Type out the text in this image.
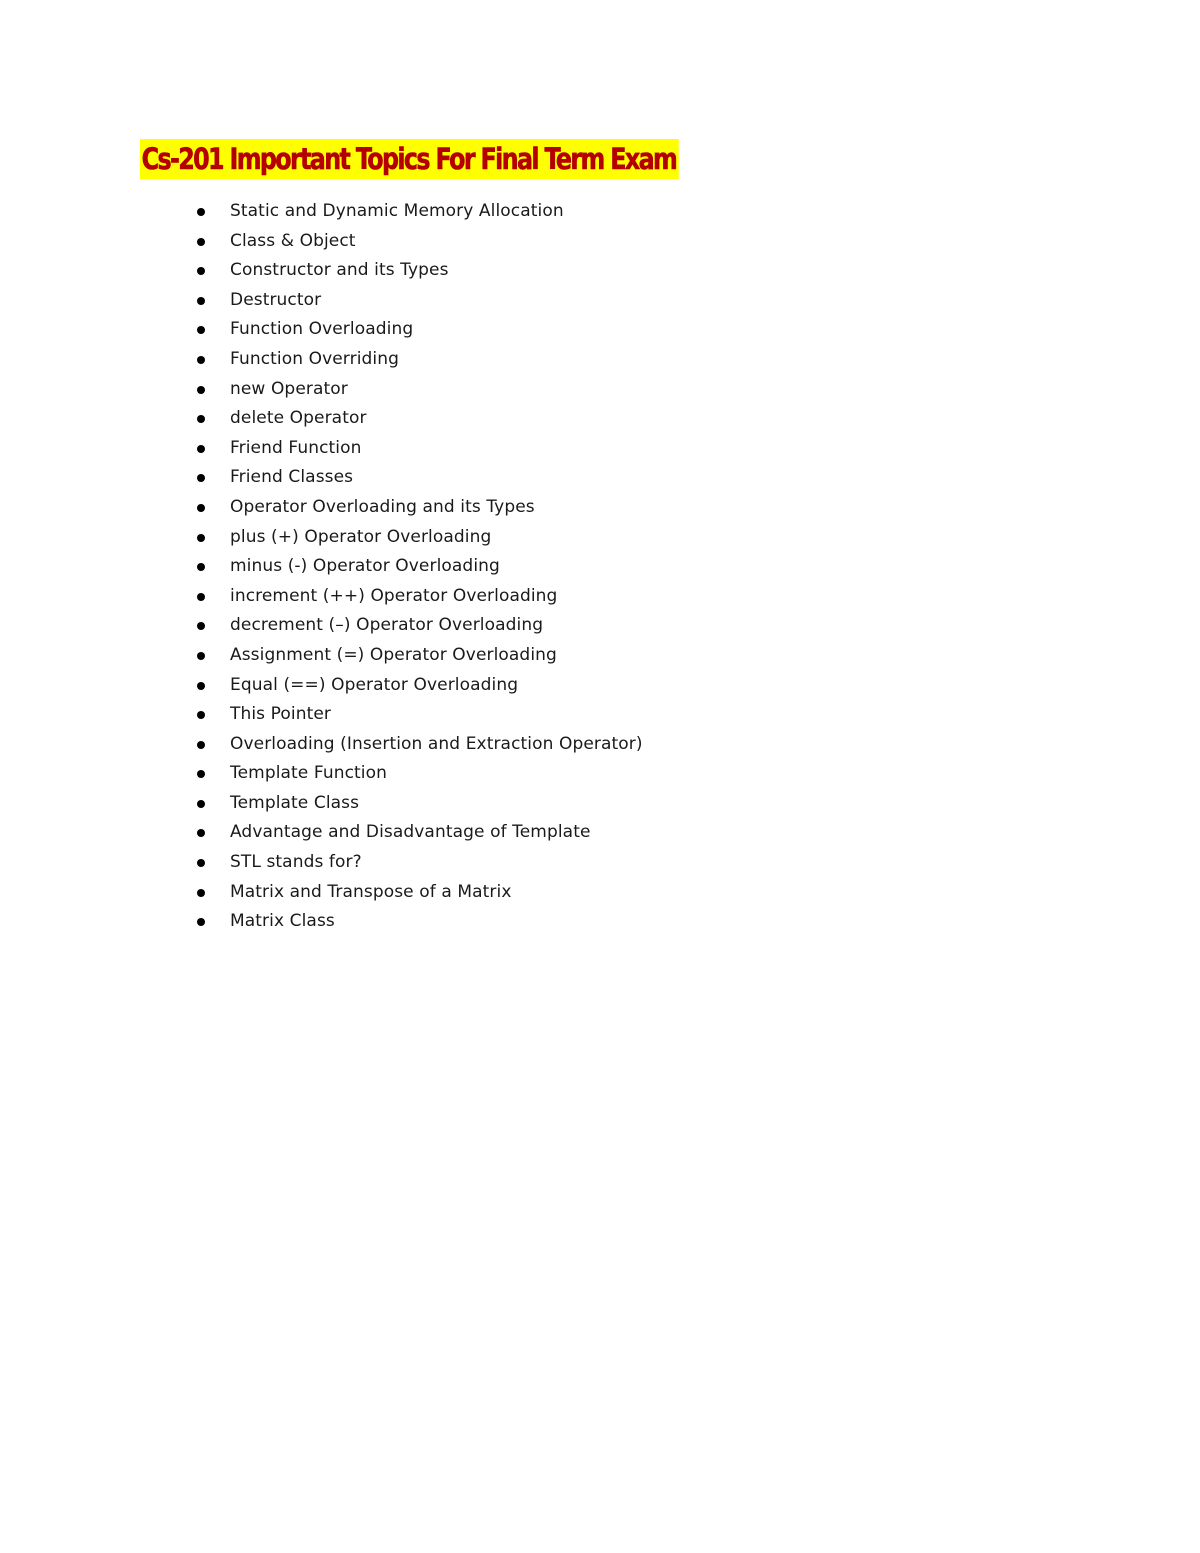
Cs-201 Important Topics For Final Term Exam
Static and Dynamic Memory Allocation
Class & Object
Constructor and its Types
Destructor
Function Overloading
Function Overriding
new Operator
delete Operator
Friend Function
Friend Classes
Operator Overloading and its Types
plus (+) Operator Overloading
minus (-) Operator Overloading
increment (++) Operator Overloading
decrement (–) Operator Overloading
Assignment (=) Operator Overloading
Equal (==) Operator Overloading
This Pointer
Overloading (Insertion and Extraction Operator)
Template Function
Template Class
Advantage and Disadvantage of Template
STL stands for?
Matrix and Transpose of a Matrix
Matrix Class
